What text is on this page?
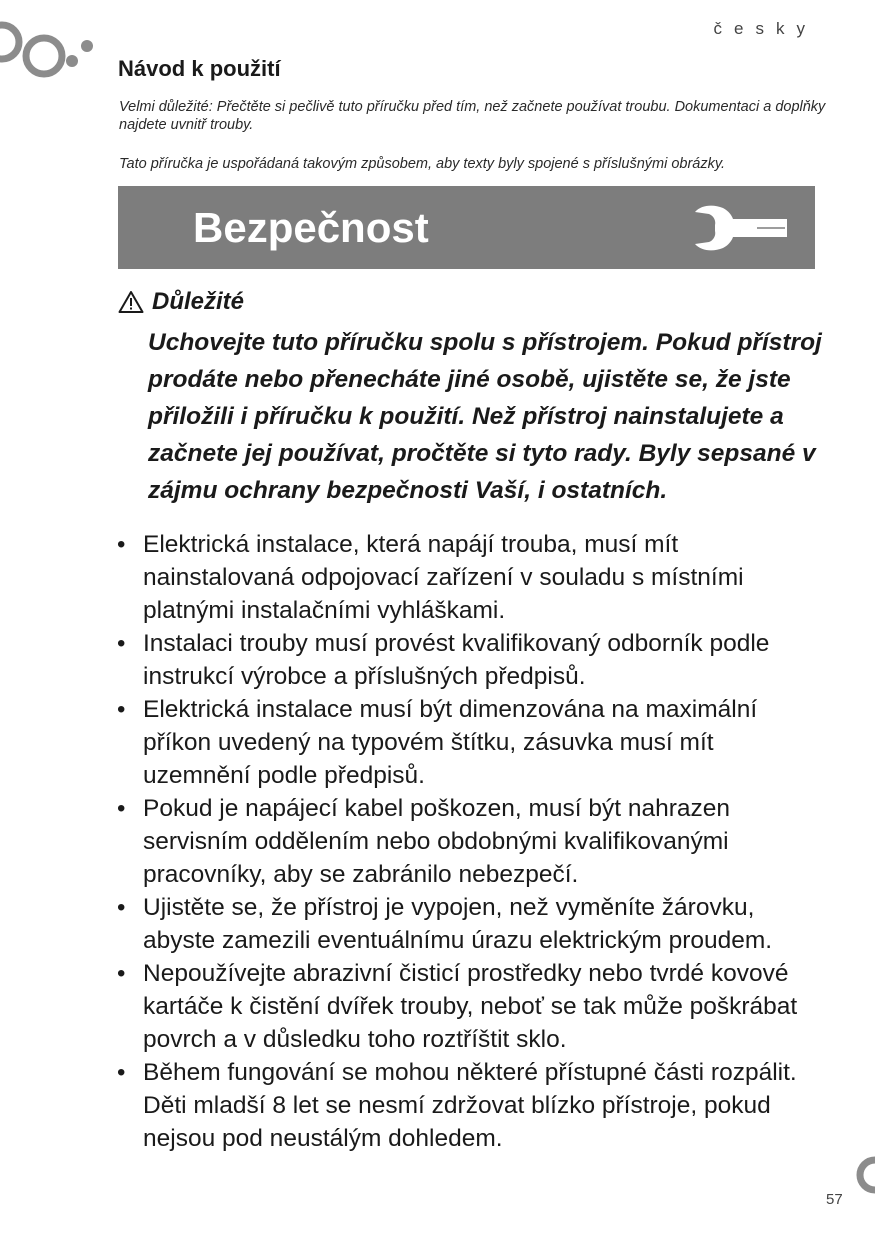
česky
Návod k použití

Velmi důležité: Přečtěte si pečlivě tuto příručku před tím, než začnete používat troubu. Dokumentaci a doplňky najdete uvnitř trouby.

Tato příručka je uspořádaná takovým způsobem, aby texty byly spojené s příslušnými obrázky.

Bezpečnost
Důležité

Uchovejte tuto příručku spolu s přístrojem. Pokud přístroj prodáte nebo přenecháte jiné osobě, ujistěte se, že jste přiložili i příručku k použití. Než přístroj nainstalujete a začnete jej používat, pročtěte si tyto rady. Byly sepsané v zájmu ochrany bezpečnosti Vaší, i ostatních.

• Elektrická instalace, která napájí trouba, musí mít nainstalovaná odpojovací zařízení v souladu s místními platnými instalačními vyhláškami.
• Instalaci trouby musí provést kvalifikovaný odborník podle instrukcí výrobce a příslušných předpisů.
• Elektrická instalace musí být dimenzována na maximální příkon uvedený na typovém štítku, zásuvka musí mít uzemnění podle předpisů.
• Pokud je napájecí kabel poškozen, musí být nahrazen servisním oddělením nebo obdobnými kvalifikovanými pracovníky, aby se zabránilo nebezpečí.
• Ujistěte se, že přístroj je vypojen, než vyměníte žárovku, abyste zamezili eventuálnímu úrazu elektrickým proudem.
• Nepoužívejte abrazivní čisticí prostředky nebo tvrdé kovové kartáče k čistění dvířek trouby, neboť se tak může poškrábat povrch a v důsledku toho roztříštit sklo.
• Během fungování se mohou některé přístupné části rozpálit. Děti mladší 8 let se nesmí zdržovat blízko přístroje, pokud nejsou pod neustálým dohledem.
57
